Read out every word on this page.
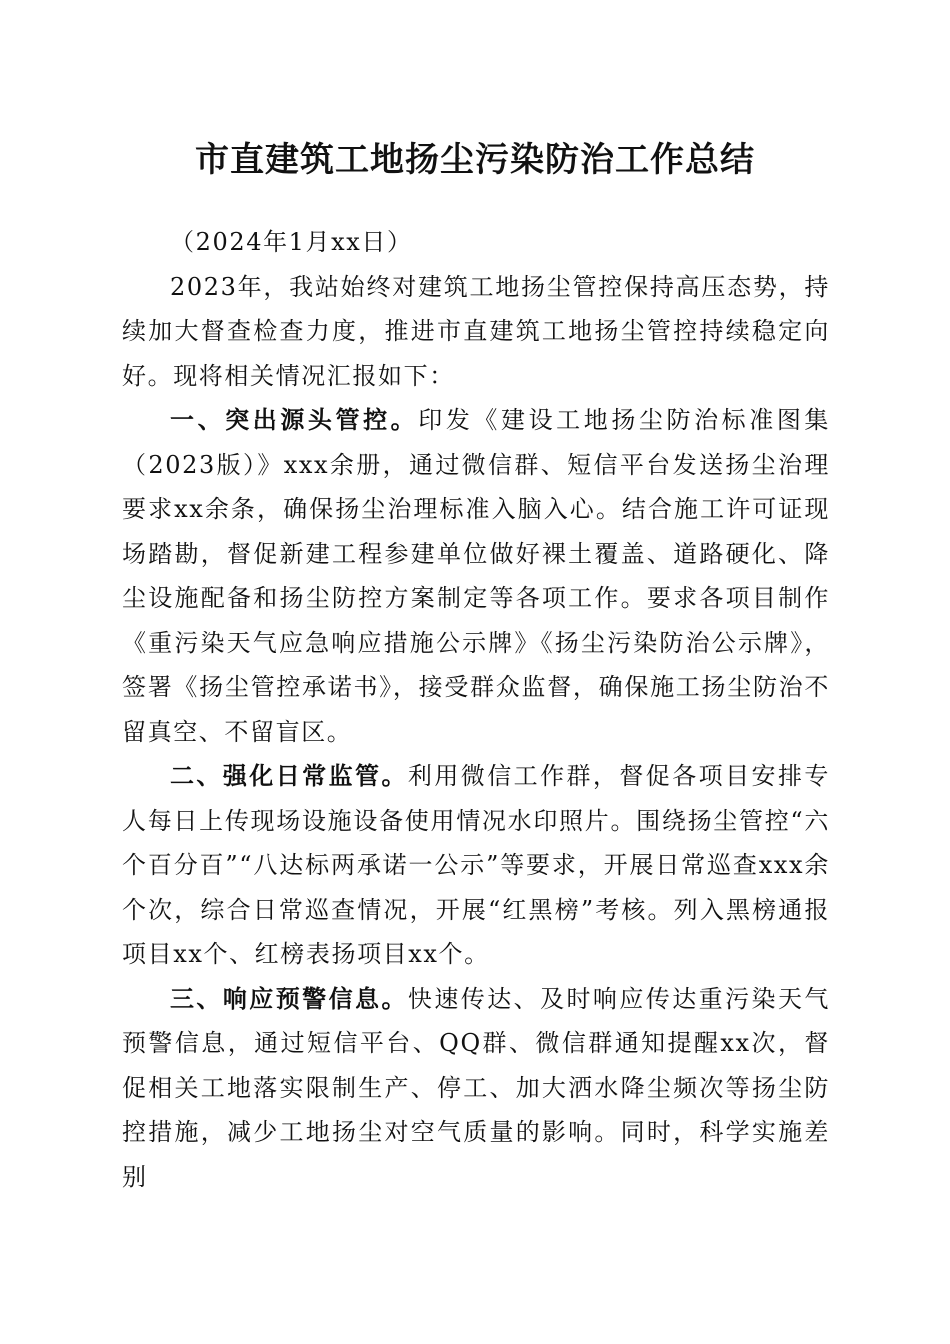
市直建筑工地扬尘污染防治工作总结

（2024年1月xx日）

2023年，我站始终对建筑工地扬尘管控保持高压态势，持续加大督查检查力度，推进市直建筑工地扬尘管控持续稳定向好。现将相关情况汇报如下：

一、突出源头管控。印发《建设工地扬尘防治标准图集（2023版）》xxx余册，通过微信群、短信平台发送扬尘治理要求xx余条，确保扬尘治理标准入脑入心。结合施工许可证现场踏勘，督促新建工程参建单位做好裸土覆盖、道路硬化、降尘设施配备和扬尘防控方案制定等各项工作。要求各项目制作《重污染天气应急响应措施公示牌》《扬尘污染防治公示牌》，签署《扬尘管控承诺书》，接受群众监督，确保施工扬尘防治不留真空、不留盲区。

二、强化日常监管。利用微信工作群，督促各项目安排专人每日上传现场设施设备使用情况水印照片。围绕扬尘管控“六个百分百”“八达标两承诺一公示”等要求，开展日常巡查xxx余个次，综合日常巡查情况，开展“红黑榜”考核。列入黑榜通报项目xx个、红榜表扬项目xx个。

三、响应预警信息。快速传达、及时响应传达重污染天气预警信息，通过短信平台、QQ群、微信群通知提醒xx次，督促相关工地落实限制生产、停工、加大洒水降尘频次等扬尘防控措施，减少工地扬尘对空气质量的影响。同时，科学实施差别
